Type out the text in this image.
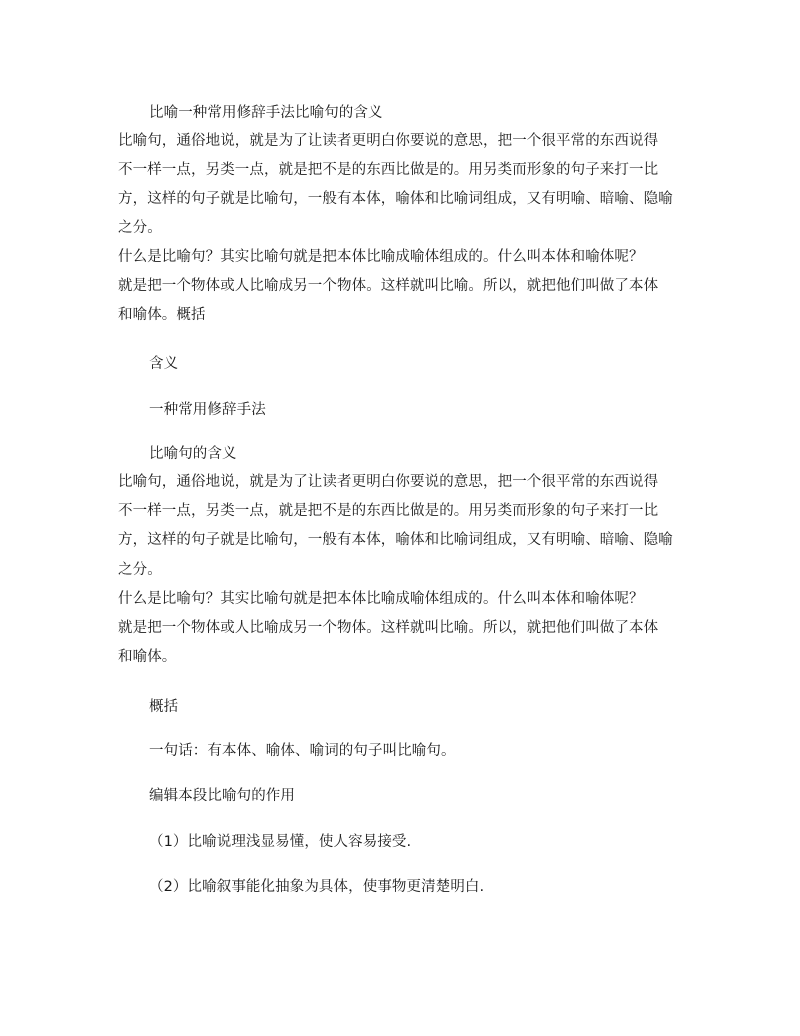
比喻一种常用修辞手法比喻句的含义
比喻句，通俗地说，就是为了让读者更明白你要说的意思，把一个很平常的东西说得
不一样一点，另类一点，就是把不是的东西比做是的。用另类而形象的句子来打一比
方，这样的句子就是比喻句，一般有本体，喻体和比喻词组成，又有明喻、暗喻、隐喻
之分。
什么是比喻句？其实比喻句就是把本体比喻成喻体组成的。什么叫本体和喻体呢？
就是把一个物体或人比喻成另一个物体。这样就叫比喻。所以，就把他们叫做了本体
和喻体。概括
含义
一种常用修辞手法
比喻句的含义
比喻句，通俗地说，就是为了让读者更明白你要说的意思，把一个很平常的东西说得
不一样一点，另类一点，就是把不是的东西比做是的。用另类而形象的句子来打一比
方，这样的句子就是比喻句，一般有本体，喻体和比喻词组成，又有明喻、暗喻、隐喻
之分。
什么是比喻句？其实比喻句就是把本体比喻成喻体组成的。什么叫本体和喻体呢？
就是把一个物体或人比喻成另一个物体。这样就叫比喻。所以，就把他们叫做了本体
和喻体。
概括
一句话：有本体、喻体、喻词的句子叫比喻句。
编辑本段比喻句的作用
（1）比喻说理浅显易懂，使人容易接受.
（2）比喻叙事能化抽象为具体，使事物更清楚明白.
